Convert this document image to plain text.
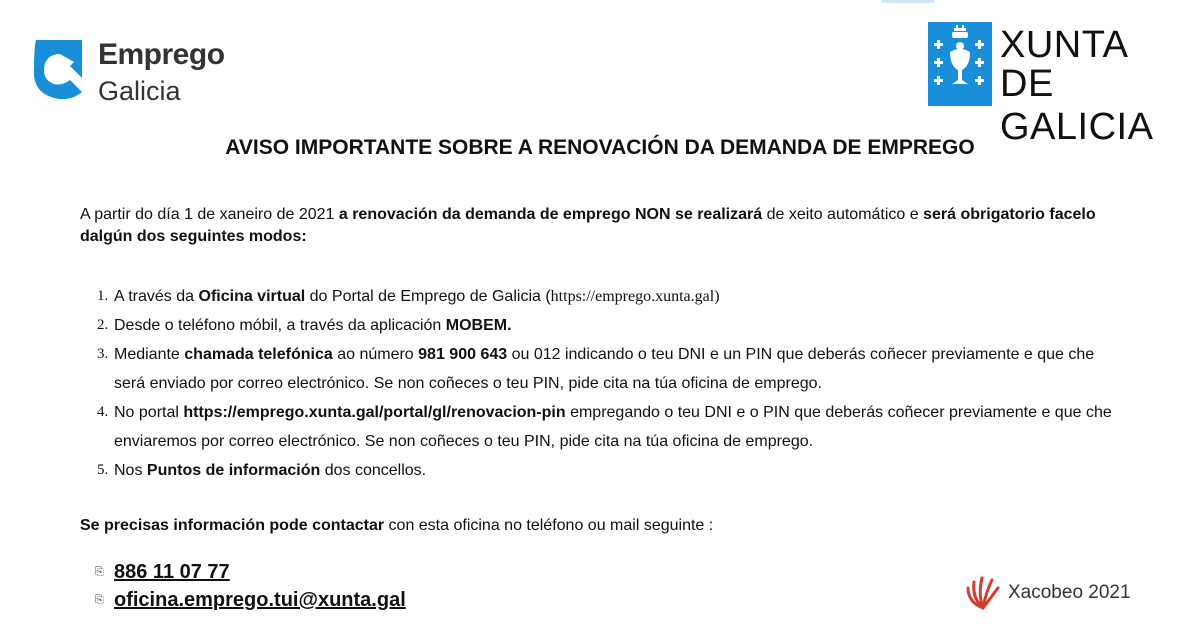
Emprego
Galicia
XUNTA
DE GALICIA
AVISO IMPORTANTE SOBRE A RENOVACIÓN DA DEMANDA DE EMPREGO
A partir do día 1 de xaneiro de 2021 a renovación da demanda de emprego NON se realizará de xeito automático e será obrigatorio facelo dalgún dos seguintes modos:
1. A través da Oficina virtual do Portal de Emprego de Galicia (https://emprego.xunta.gal)
2. Desde o teléfono móbil, a través da aplicación MOBEM.
3. Mediante chamada telefónica ao número 981 900 643 ou 012 indicando o teu DNI e un PIN que deberás coñecer previamente e que che será enviado por correo electrónico. Se non coñeces o teu PIN, pide cita na túa oficina de emprego.
4. No portal https://emprego.xunta.gal/portal/gl/renovacion-pin empregando o teu DNI e o PIN que deberás coñecer previamente e que che enviaremos por correo electrónico. Se non coñeces o teu PIN, pide cita na túa oficina de emprego.
5. Nos Puntos de información dos concellos.
Se precisas información pode contactar con esta oficina no teléfono ou mail seguinte :
⎘ 886 11 07 77
⎘ oficina.emprego.tui@xunta.gal	Xacobeo 2021
